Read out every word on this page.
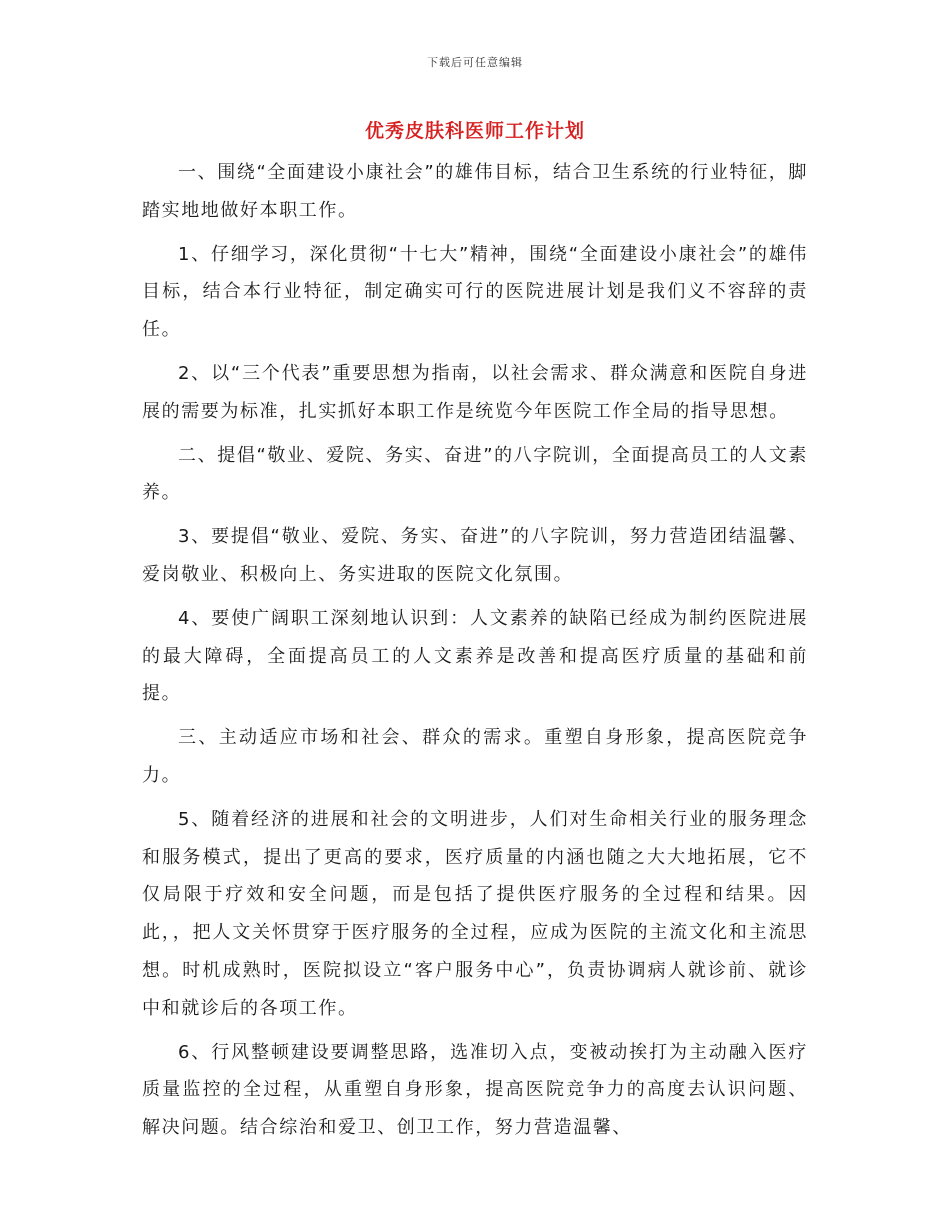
下载后可任意编辑
优秀皮肤科医师工作计划

一、围绕“全面建设小康社会”的雄伟目标，结合卫生系统的行业特征，脚踏实地地做好本职工作。

1、仔细学习，深化贯彻“十七大”精神，围绕“全面建设小康社会”的雄伟目标，结合本行业特征，制定确实可行的医院进展计划是我们义不容辞的责任。

2、以“三个代表”重要思想为指南，以社会需求、群众满意和医院自身进展的需要为标准，扎实抓好本职工作是统览今年医院工作全局的指导思想。

二、提倡“敬业、爱院、务实、奋进”的八字院训，全面提高员工的人文素养。

3、要提倡“敬业、爱院、务实、奋进”的八字院训，努力营造团结温馨、爱岗敬业、积极向上、务实进取的医院文化氛围。

4、要使广阔职工深刻地认识到：人文素养的缺陷已经成为制约医院进展的最大障碍，全面提高员工的人文素养是改善和提高医疗质量的基础和前提。

三、主动适应市场和社会、群众的需求。重塑自身形象，提高医院竞争力。

5、随着经济的进展和社会的文明进步，人们对生命相关行业的服务理念和服务模式，提出了更高的要求，医疗质量的内涵也随之大大地拓展，它不仅局限于疗效和安全问题，而是包括了提供医疗服务的全过程和结果。因此，，把人文关怀贯穿于医疗服务的全过程，应成为医院的主流文化和主流思想。时机成熟时，医院拟设立“客户服务中心”，负责协调病人就诊前、就诊中和就诊后的各项工作。

6、行风整顿建设要调整思路，选准切入点，变被动挨打为主动融入医疗质量监控的全过程，从重塑自身形象，提高医院竞争力的高度去认识问题、解决问题。结合综治和爱卫、创卫工作，努力营造温馨、
